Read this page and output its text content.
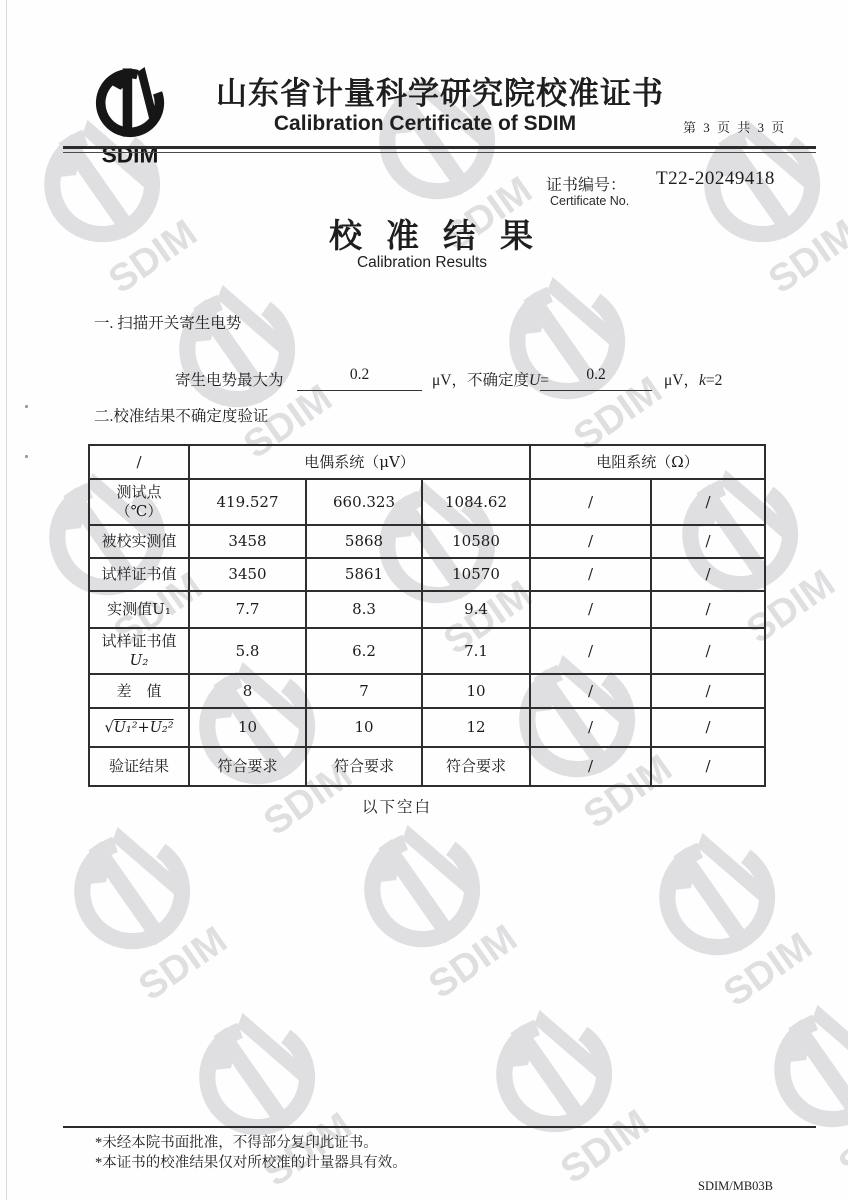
山东省计量科学研究院校准证书
Calibration Certificate of SDIM	第 3 页 共 3 页
证书编号： T22-20249418
Certificate No.
校准结果
Calibration Results
一. 扫描开关寄生电势
寄生电势最大为	0.2	μV，不确定度U=	0.2	μV，k=2
二.校准结果不确定度验证
/	电偶系统（μV）			电阻系统（Ω）	
测试点
（℃）	419.527	660.323	1084.62	/	/
被校实测值	3458	5868	10580	/	/
试样证书值	3450	5861	10570	/	/
实测值U₁	7.7	8.3	9.4	/	/
试样证书值
U₂	5.8	6.2	7.1	/	/
差　值	8	7	10	/	/
√U₁²+U₂²	10	10	12	/	/
验证结果	符合要求	符合要求	符合要求	/	/
以下空白
*未经本院书面批准，不得部分复印此证书。
*本证书的校准结果仅对所校准的计量器具有效。
SDIM/MB03B
